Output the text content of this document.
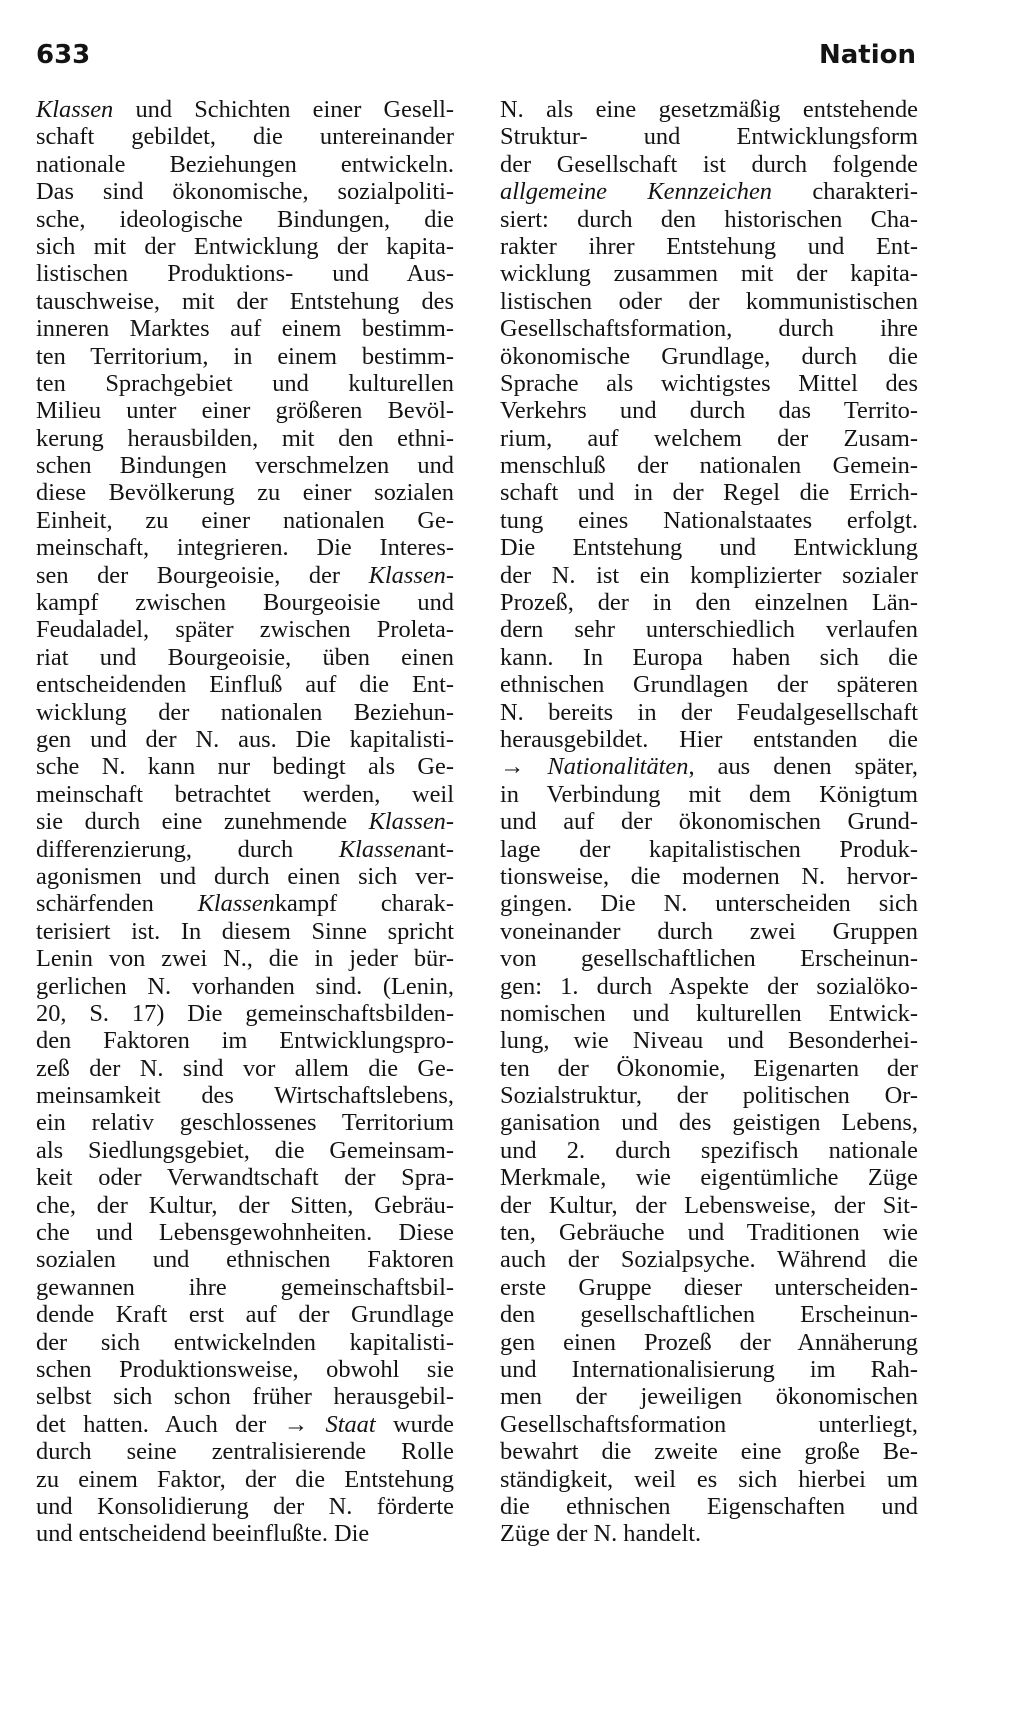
633	Nation
Klassen und Schichten einer Gesell-
schaft gebildet, die untereinander
nationale Beziehungen entwickeln.
Das sind ökonomische, sozialpoliti-
sche, ideologische Bindungen, die
sich mit der Entwicklung der kapita-
listischen Produktions- und Aus-
tauschweise, mit der Entstehung des
inneren Marktes auf einem bestimm-
ten Territorium, in einem bestimm-
ten Sprachgebiet und kulturellen
Milieu unter einer größeren Bevöl-
kerung herausbilden, mit den ethni-
schen Bindungen verschmelzen und
diese Bevölkerung zu einer sozialen
Einheit, zu einer nationalen Ge-
meinschaft, integrieren. Die Interes-
sen der Bourgeoisie, der Klassen-
kampf zwischen Bourgeoisie und
Feudaladel, später zwischen Proleta-
riat und Bourgeoisie, üben einen
entscheidenden Einfluß auf die Ent-
wicklung der nationalen Beziehun-
gen und der N. aus. Die kapitalisti-
sche N. kann nur bedingt als Ge-
meinschaft betrachtet werden, weil
sie durch eine zunehmende Klassen-
differenzierung, durch Klassenant-
agonismen und durch einen sich ver-
schärfenden Klassenkampf charak-
terisiert ist. In diesem Sinne spricht
Lenin von zwei N., die in jeder bür-
gerlichen N. vorhanden sind. (Lenin,
20, S. 17) Die gemeinschaftsbilden-
den Faktoren im Entwicklungspro-
zeß der N. sind vor allem die Ge-
meinsamkeit des Wirtschaftslebens,
ein relativ geschlossenes Territorium
als Siedlungsgebiet, die Gemeinsam-
keit oder Verwandtschaft der Spra-
che, der Kultur, der Sitten, Gebräu-
che und Lebensgewohnheiten. Diese
sozialen und ethnischen Faktoren
gewannen ihre gemeinschaftsbil-
dende Kraft erst auf der Grundlage
der sich entwickelnden kapitalisti-
schen Produktionsweise, obwohl sie
selbst sich schon früher herausgebil-
det hatten. Auch der → Staat wurde
durch seine zentralisierende Rolle
zu einem Faktor, der die Entstehung
und Konsolidierung der N. förderte
und entscheidend beeinflußte. Die
N. als eine gesetzmäßig entstehende
Struktur- und Entwicklungsform
der Gesellschaft ist durch folgende
allgemeine Kennzeichen charakteri-
siert: durch den historischen Cha-
rakter ihrer Entstehung und Ent-
wicklung zusammen mit der kapita-
listischen oder der kommunistischen
Gesellschaftsformation, durch ihre
ökonomische Grundlage, durch die
Sprache als wichtigstes Mittel des
Verkehrs und durch das Territo-
rium, auf welchem der Zusam-
menschluß der nationalen Gemein-
schaft und in der Regel die Errich-
tung eines Nationalstaates erfolgt.
Die Entstehung und Entwicklung
der N. ist ein komplizierter sozialer
Prozeß, der in den einzelnen Län-
dern sehr unterschiedlich verlaufen
kann. In Europa haben sich die
ethnischen Grundlagen der späteren
N. bereits in der Feudalgesellschaft
herausgebildet. Hier entstanden die
→ Nationalitäten, aus denen später,
in Verbindung mit dem Königtum
und auf der ökonomischen Grund-
lage der kapitalistischen Produk-
tionsweise, die modernen N. hervor-
gingen. Die N. unterscheiden sich
voneinander durch zwei Gruppen
von gesellschaftlichen Erscheinun-
gen: 1. durch Aspekte der sozialöko-
nomischen und kulturellen Entwick-
lung, wie Niveau und Besonderhei-
ten der Ökonomie, Eigenarten der
Sozialstruktur, der politischen Or-
ganisation und des geistigen Lebens,
und 2. durch spezifisch nationale
Merkmale, wie eigentümliche Züge
der Kultur, der Lebensweise, der Sit-
ten, Gebräuche und Traditionen wie
auch der Sozialpsyche. Während die
erste Gruppe dieser unterscheiden-
den gesellschaftlichen Erscheinun-
gen einen Prozeß der Annäherung
und Internationalisierung im Rah-
men der jeweiligen ökonomischen
Gesellschaftsformation unterliegt,
bewahrt die zweite eine große Be-
ständigkeit, weil es sich hierbei um
die ethnischen Eigenschaften und
Züge der N. handelt.
